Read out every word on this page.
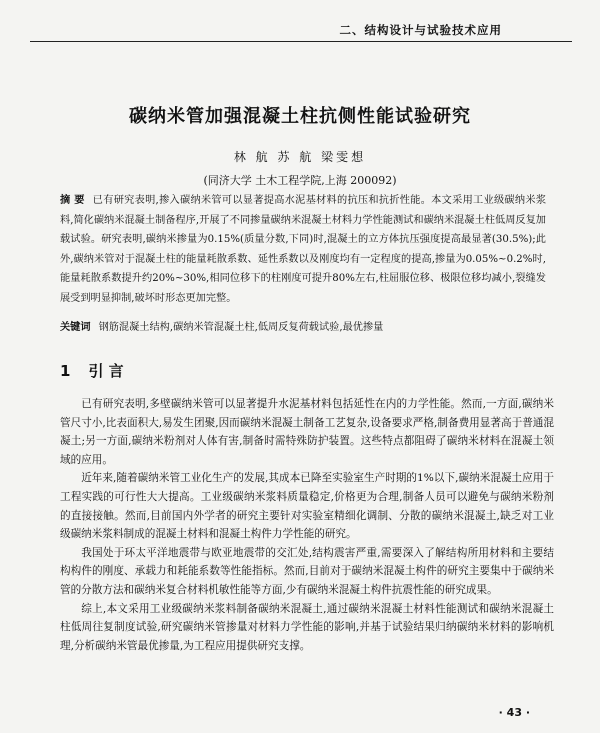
二、结构设计与试验技术应用
碳纳米管加强混凝土柱抗侧性能试验研究
林 航 苏 航 梁雯想
(同济大学 土木工程学院,上海 200092)
摘 要 已有研究表明,掺入碳纳米管可以显著提高水泥基材料的抗压和抗折性能。本文采用工业级碳纳米浆料,简化碳纳米混凝土制备程序,开展了不同掺量碳纳米混凝土材料力学性能测试和碳纳米混凝土柱低周反复加载试验。研究表明,碳纳米掺量为0.15%(质量分数,下同)时,混凝土的立方体抗压强度提高最显著(30.5%);此外,碳纳米管对于混凝土柱的能量耗散系数、延性系数以及刚度均有一定程度的提高,掺量为0.05%~0.2%时,能量耗散系数提升约20%~30%,相同位移下的柱刚度可提升80%左右,柱屈服位移、极限位移均减小,裂缝发展受到明显抑制,破坏时形态更加完整。
关键词 钢筋混凝土结构,碳纳米管混凝土柱,低周反复荷载试验,最优掺量
1 引 言

已有研究表明,多壁碳纳米管可以显著提升水泥基材料包括延性在内的力学性能。然而,一方面,碳纳米管尺寸小,比表面积大,易发生团聚,因而碳纳米混凝土制备工艺复杂,设备要求严格,制备费用显著高于普通混凝土;另一方面,碳纳米粉剂对人体有害,制备时需特殊防护装置。这些特点都阻碍了碳纳米材料在混凝土领域的应用。

近年来,随着碳纳米管工业化生产的发展,其成本已降至实验室生产时期的1%以下,碳纳米混凝土应用于工程实践的可行性大大提高。工业级碳纳米浆料质量稳定,价格更为合理,制备人员可以避免与碳纳米粉剂的直接接触。然而,目前国内外学者的研究主要针对实验室精细化调制、分散的碳纳米混凝土,缺乏对工业级碳纳米浆料制成的混凝土材料和混凝土构件力学性能的研究。

我国处于环太平洋地震带与欧亚地震带的交汇处,结构震害严重,需要深入了解结构所用材料和主要结构构件的刚度、承载力和耗能系数等性能指标。然而,目前对于碳纳米混凝土构件的研究主要集中于碳纳米管的分散方法和碳纳米复合材料机敏性能等方面,少有碳纳米混凝土构件抗震性能的研究成果。

综上,本文采用工业级碳纳米浆料制备碳纳米混凝土,通过碳纳米混凝土材料性能测试和碳纳米混凝土柱低周往复制度试验,研究碳纳米管掺量对材料力学性能的影响,并基于试验结果归纳碳纳米材料的影响机理,分析碳纳米管最优掺量,为工程应用提供研究支撑。

· 43 ·
